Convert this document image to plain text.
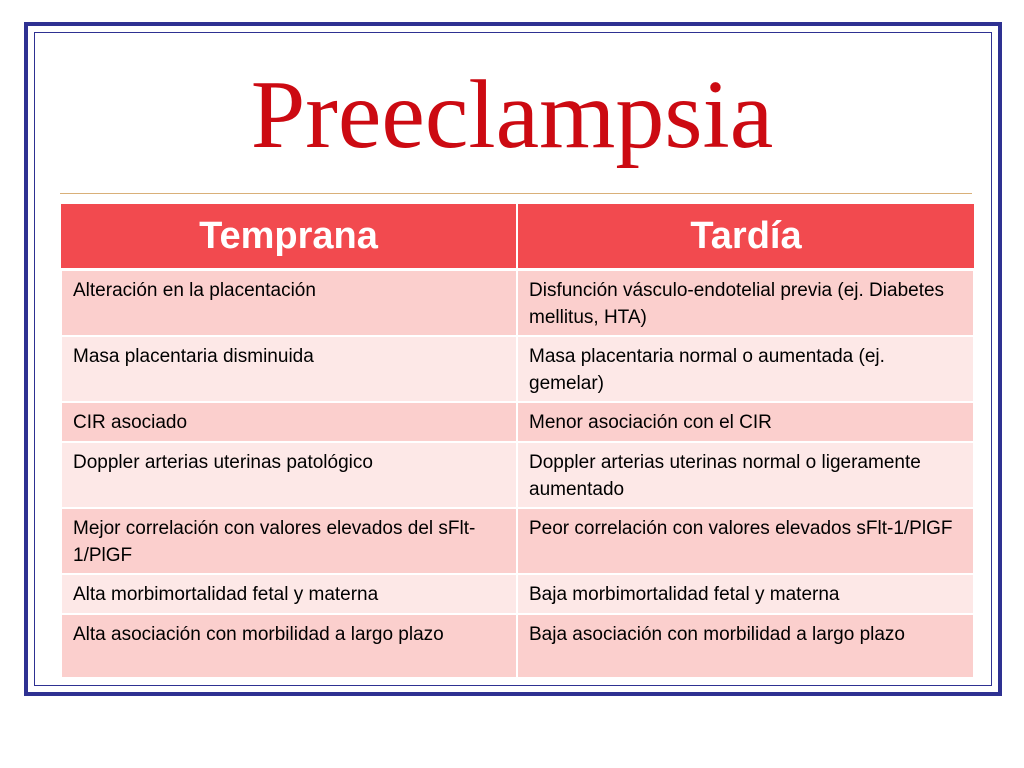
Preeclampsia
Temprana	Tardía
Alteración en la placentación	Disfunción vásculo-endotelial previa (ej. Diabetes mellitus, HTA)
Masa placentaria disminuida	Masa placentaria normal o aumentada (ej. gemelar)
CIR asociado	Menor asociación con el CIR
Doppler arterias uterinas patológico	Doppler arterias uterinas normal o ligeramente aumentado
Mejor correlación con valores elevados del sFlt-1/PlGF	Peor correlación con valores elevados sFlt-1/PlGF
Alta morbimortalidad fetal y materna	Baja morbimortalidad fetal y materna
Alta asociación con morbilidad a largo plazo	Baja asociación con morbilidad a largo plazo
